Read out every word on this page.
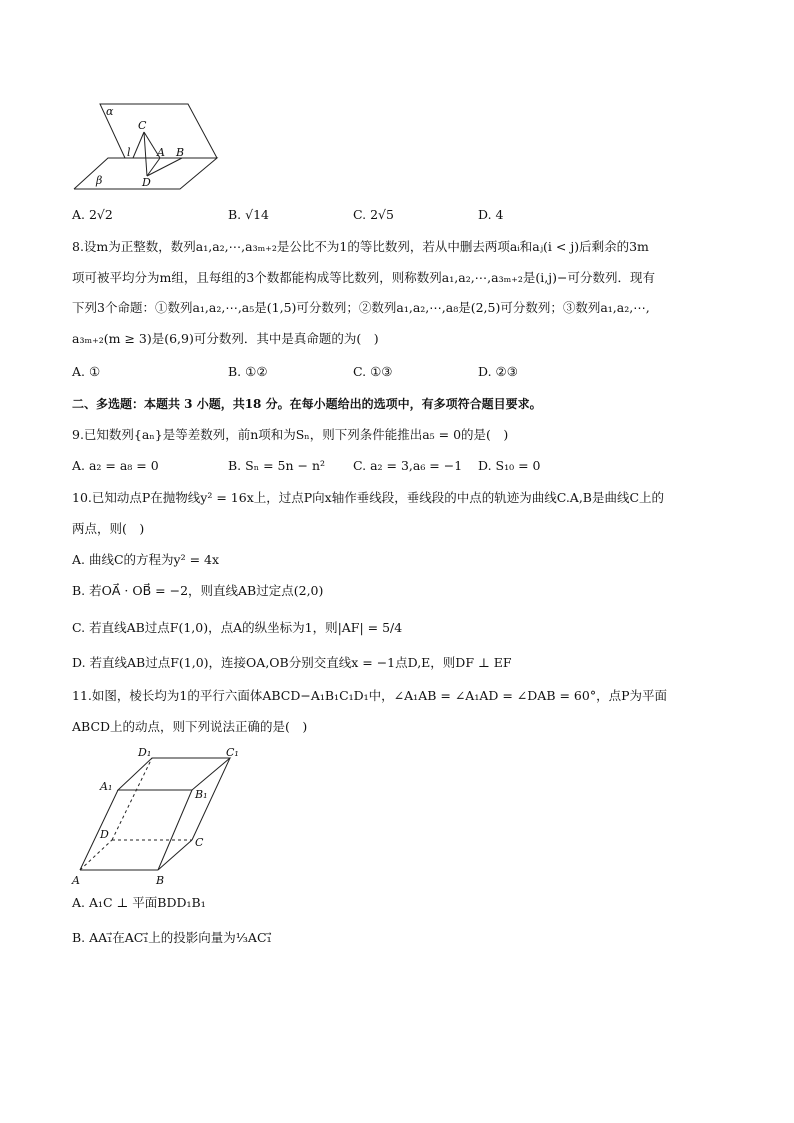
α
C
l A B
β	D
A. 2√2	B. √14	C. 2√5	D. 4
8.设m为正整数，数列a₁,a₂,⋯,a₃ₘ₊₂是公比不为1的等比数列，若从中删去两项aᵢ和aⱼ(i < j)后剩余的3m
项可被平均分为m组，且每组的3个数都能构成等比数列，则称数列a₁,a₂,⋯,a₃ₘ₊₂是(i,j)−可分数列．现有
下列3个命题：①数列a₁,a₂,⋯,a₅是(1,5)可分数列；②数列a₁,a₂,⋯,a₈是(2,5)可分数列；③数列a₁,a₂,⋯,
a₃ₘ₊₂(m ≥ 3)是(6,9)可分数列．其中是真命题的为(　)
A. ①	B. ①②	C. ①③	D. ②③
二、多选题：本题共 3 小题，共18 分。在每小题给出的选项中，有多项符合题目要求。
9.已知数列{aₙ}是等差数列，前n项和为Sₙ，则下列条件能推出a₅ = 0的是(　)
A. a₂ = a₈ = 0	B. Sₙ = 5n − n² C. a₂ = 3,a₆ = −1 D. S₁₀ = 0
10.已知动点P在抛物线y² = 16x上，过点P向x轴作垂线段，垂线段的中点的轨迹为曲线C.A,B是曲线C上的
两点，则(　)
A. 曲线C的方程为y² = 4x
B. 若OA⃗ · OB⃗ = −2，则直线AB过定点(2,0)
C. 若直线AB过点F(1,0)，点A的纵坐标为1，则|AF| = 5/4
D. 若直线AB过点F(1,0)，连接OA,OB分别交直线x = −1点D,E，则DF ⊥ EF
11.如图，棱长均为1的平行六面体ABCD−A₁B₁C₁D₁中，∠A₁AB = ∠A₁AD = ∠DAB = 60°，点P为平面
ABCD上的动点，则下列说法正确的是(　)
D₁	C₁
A₁
B₁
D
C
A	B
A. A₁C ⊥ 平面BDD₁B₁
B. AA₁⃗在AC₁⃗上的投影向量为⅓AC₁⃗
